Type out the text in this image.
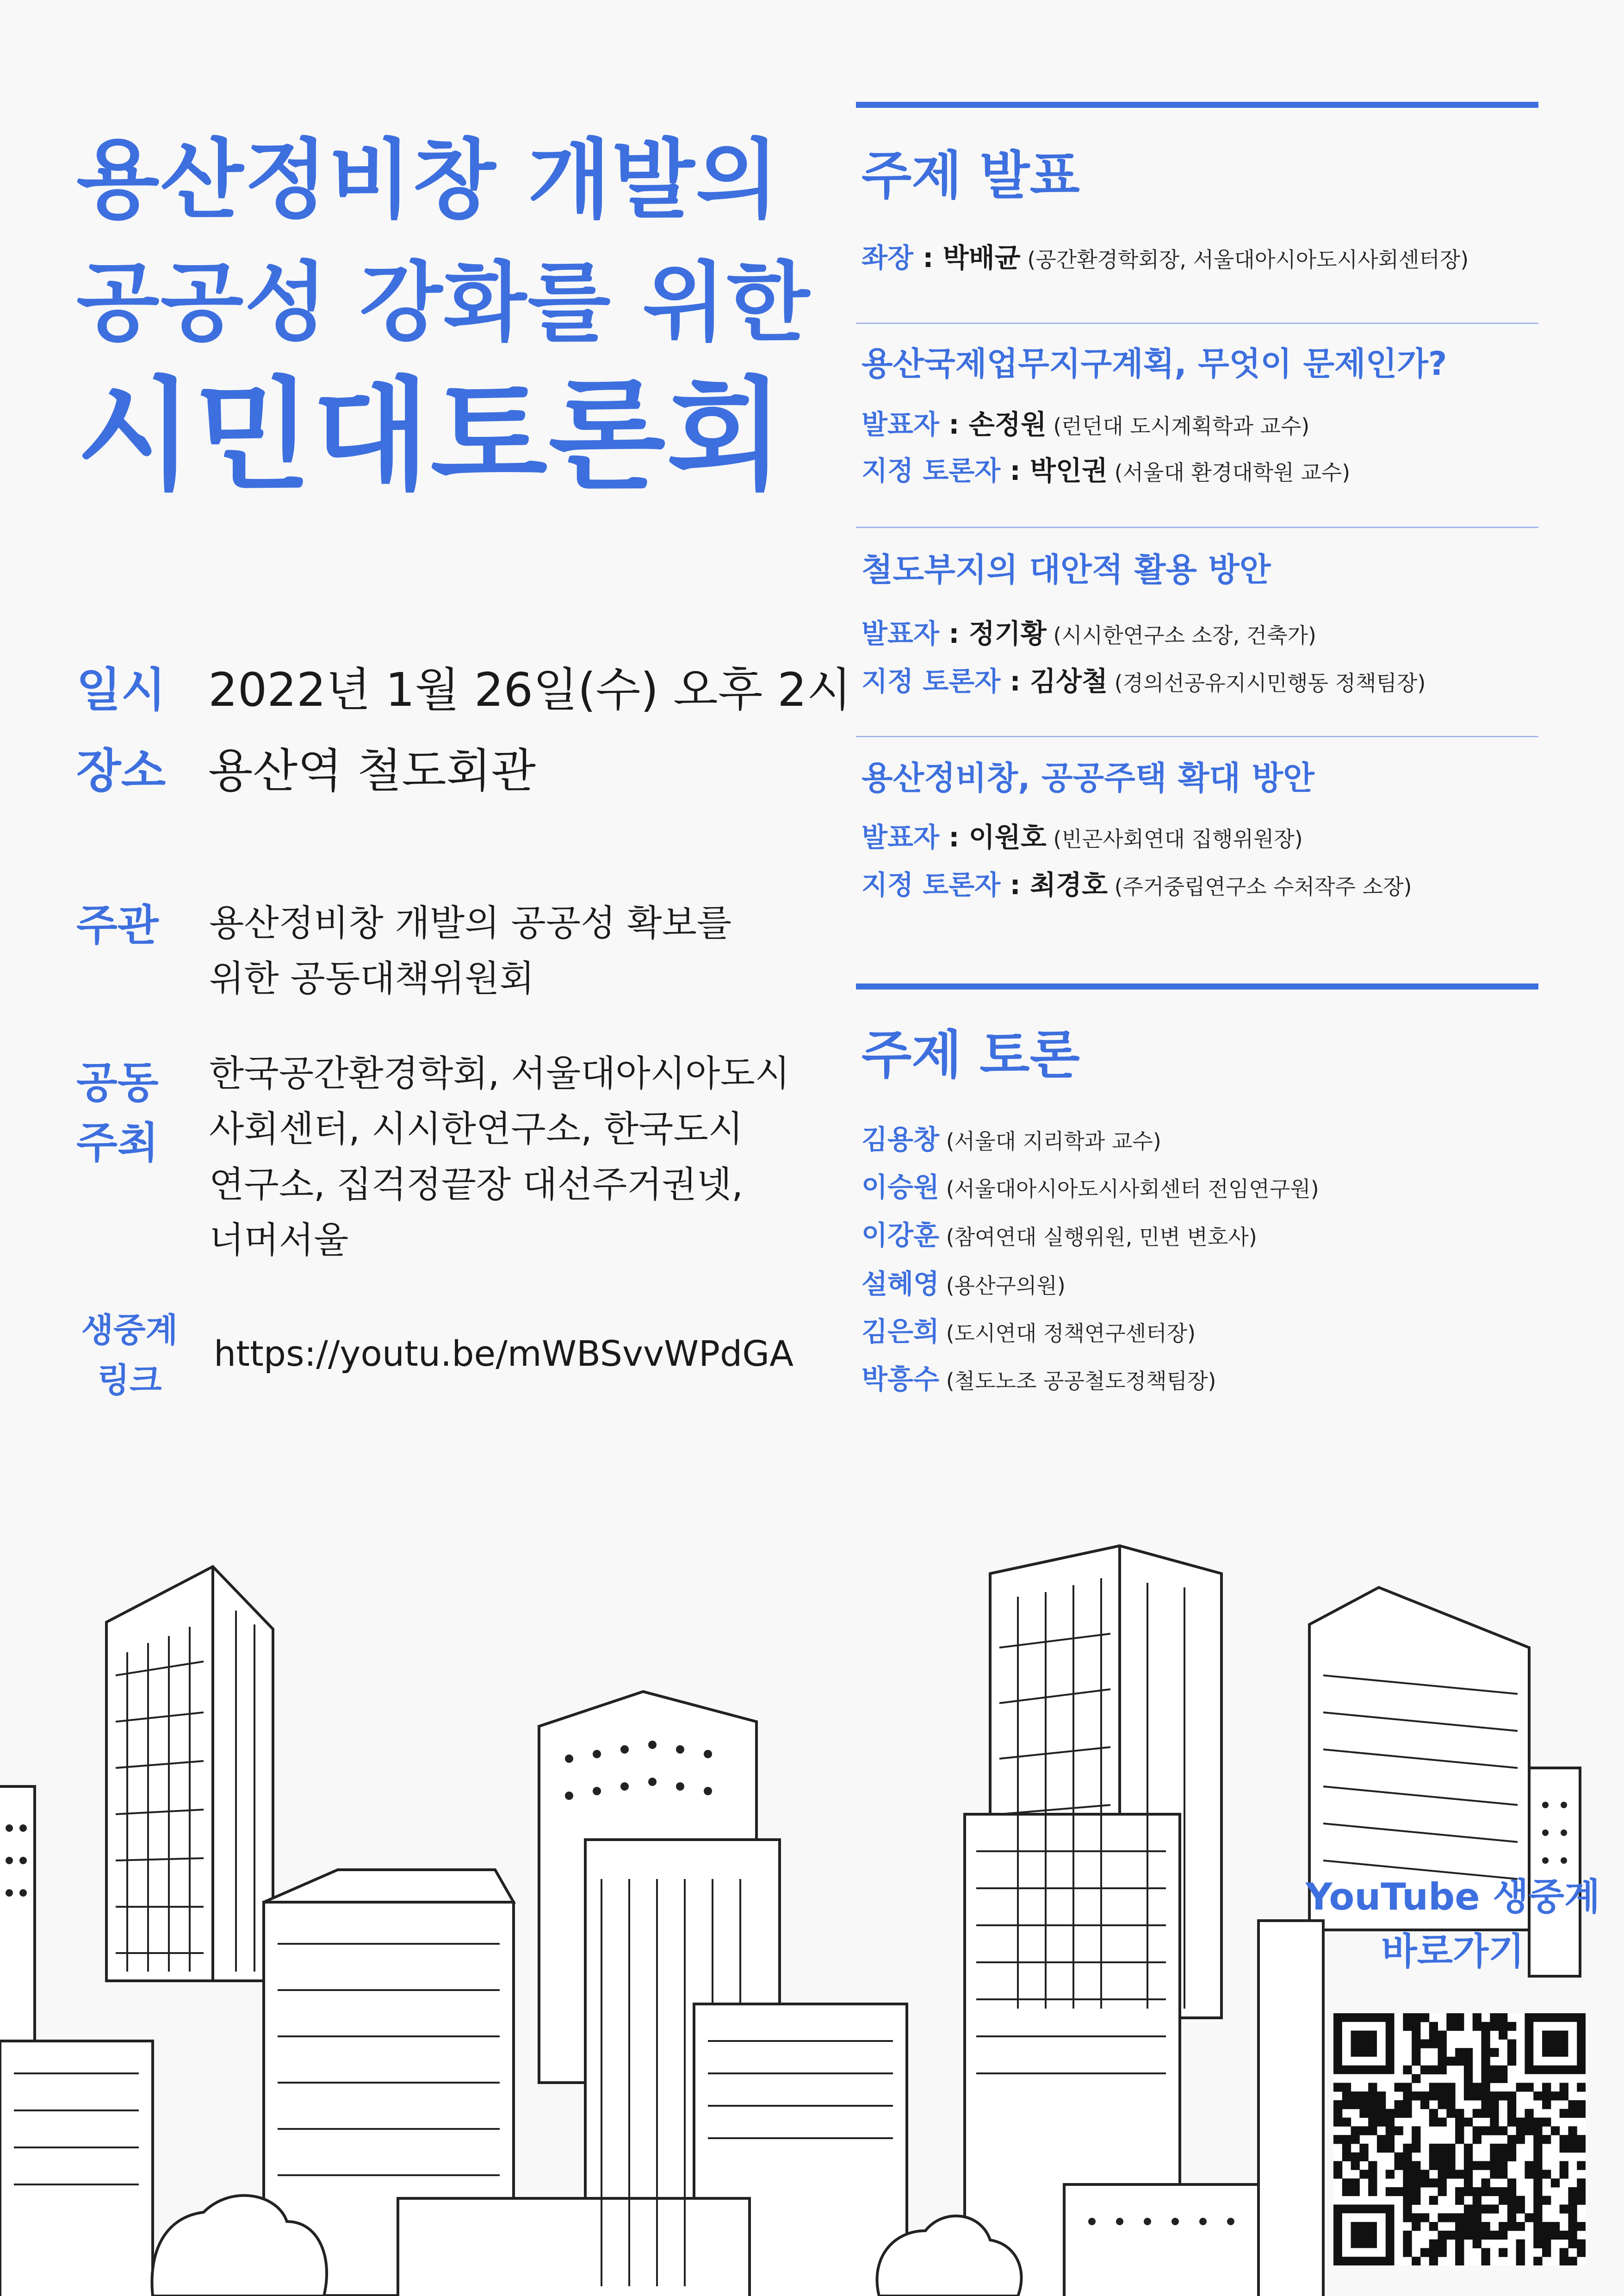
용산정비창 개발의
공공성 강화를 위한
시민대토론회
일시 2022년 1월 26일(수) 오후 2시
장소 용산역 철도회관
주관 용산정비창 개발의 공공성 확보를
위한 공동대책위원회
공동
주최
한국공간환경학회, 서울대아시아도시
사회센터, 시시한연구소, 한국도시
연구소, 집걱정끝장 대선주거권넷,
너머서울
생중계
링크
https://youtu.be/mWBSvvWPdGA
주제 발표
좌장 : 박배균 (공간환경학회장, 서울대아시아도시사회센터장)
용산국제업무지구계획, 무엇이 문제인가?
발표자 : 손정원 (런던대 도시계획학과 교수)
지정 토론자 : 박인권 (서울대 환경대학원 교수)
철도부지의 대안적 활용 방안
발표자 : 정기황 (시시한연구소 소장, 건축가)
지정 토론자 : 김상철 (경의선공유지시민행동 정책팀장)
용산정비창, 공공주택 확대 방안
발표자 : 이원호 (빈곤사회연대 집행위원장)
지정 토론자 : 최경호 (주거중립연구소 수처작주 소장)
주제 토론
김용창 (서울대 지리학과 교수)
이승원 (서울대아시아도시사회센터 전임연구원)
이강훈 (참여연대 실행위원, 민변 변호사)
설혜영 (용산구의원)
김은희 (도시연대 정책연구센터장)
박흥수 (철도노조 공공철도정책팀장)
YouTube 생중계
바로가기
